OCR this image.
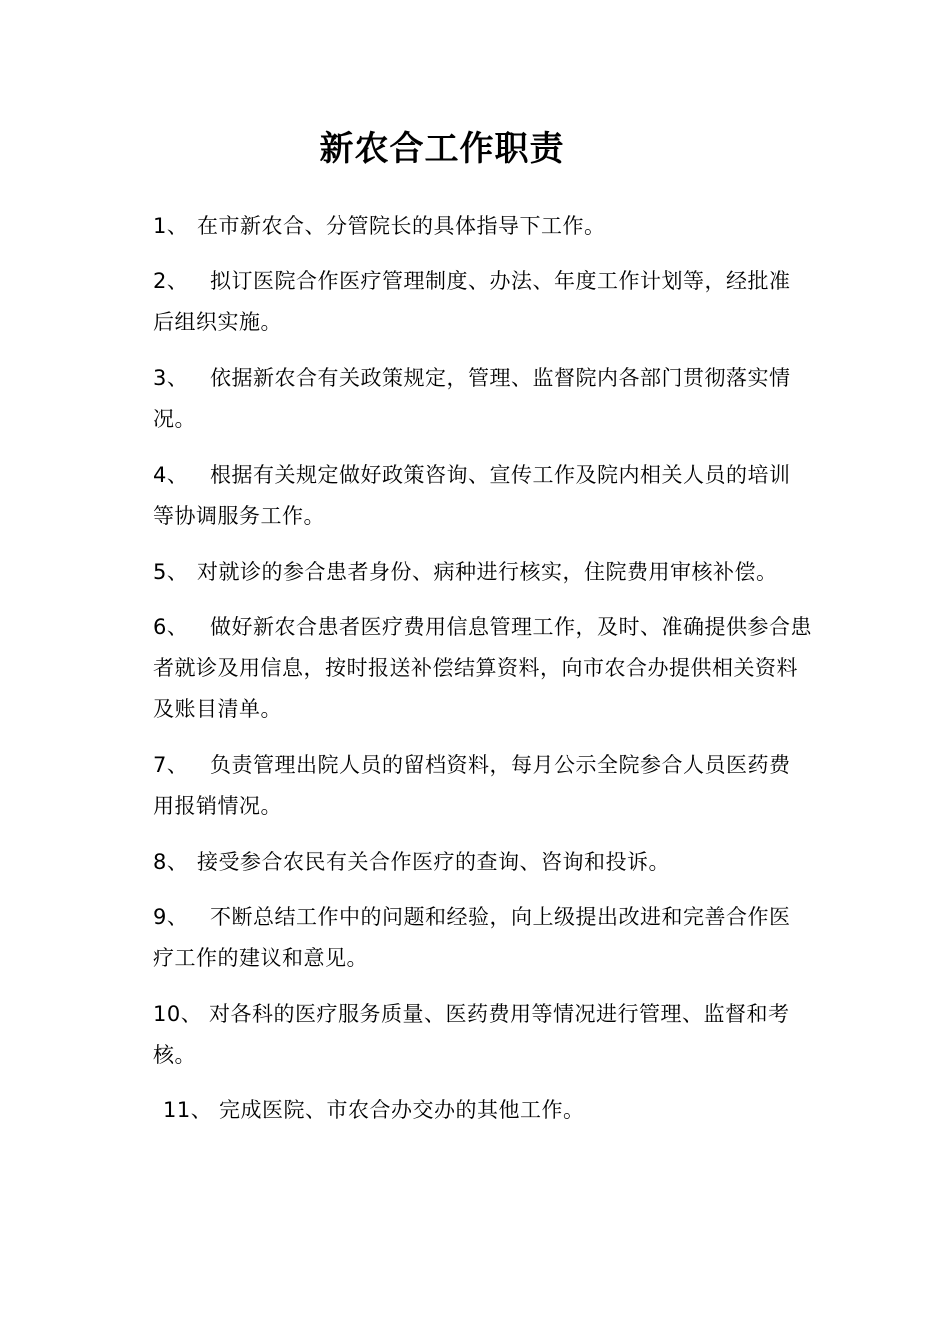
新农合工作职责
1、 在市新农合、分管院长的具体指导下工作。
2、 拟订医院合作医疗管理制度、办法、年度工作计划等，经批准 后组织实施。
3、 依据新农合有关政策规定，管理、监督院内各部门贯彻落实情 况。
4、 根据有关规定做好政策咨询、宣传工作及院内相关人员的培训 等协调服务工作。
5、 对就诊的参合患者身份、病种进行核实，住院费用审核补偿。
6、 做好新农合患者医疗费用信息管理工作，及时、准确提供参合患者就诊及用信息，按时报送补偿结算资料，向市农合办提供相关资料及账目清单。
7、 负责管理出院人员的留档资料，每月公示全院参合人员医药费 用报销情况。
8、 接受参合农民有关合作医疗的查询、咨询和投诉。
9、 不断总结工作中的问题和经验，向上级提出改进和完善合作医 疗工作的建议和意见。
10、 对各科的医疗服务质量、医药费用等情况进行管理、监督和考核。
11、 完成医院、市农合办交办的其他工作。
